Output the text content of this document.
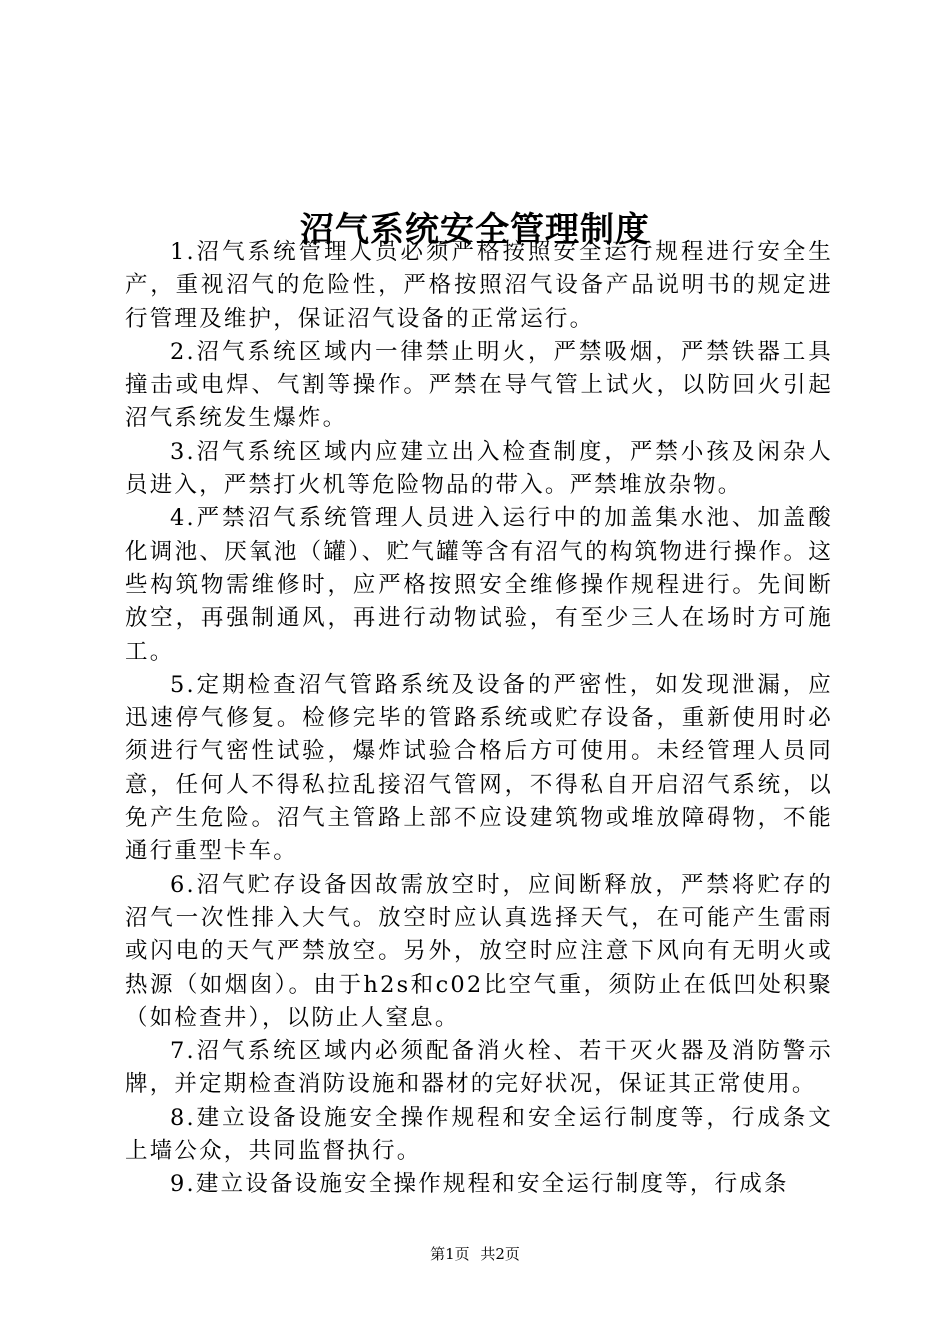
沼气系统安全管理制度

1.沼气系统管理人员必须严格按照安全运行规程进行安全生产，重视沼气的危险性，严格按照沼气设备产品说明书的规定进行管理及维护，保证沼气设备的正常运行。

2.沼气系统区域内一律禁止明火，严禁吸烟，严禁铁器工具撞击或电焊、气割等操作。严禁在导气管上试火，以防回火引起沼气系统发生爆炸。

3.沼气系统区域内应建立出入检查制度，严禁小孩及闲杂人员进入，严禁打火机等危险物品的带入。严禁堆放杂物。

4.严禁沼气系统管理人员进入运行中的加盖集水池、加盖酸化调池、厌氧池（罐）、贮气罐等含有沼气的构筑物进行操作。这些构筑物需维修时，应严格按照安全维修操作规程进行。先间断放空，再强制通风，再进行动物试验，有至少三人在场时方可施工。

5.定期检查沼气管路系统及设备的严密性，如发现泄漏，应迅速停气修复。检修完毕的管路系统或贮存设备，重新使用时必须进行气密性试验，爆炸试验合格后方可使用。未经管理人员同意，任何人不得私拉乱接沼气管网，不得私自开启沼气系统，以免产生危险。沼气主管路上部不应设建筑物或堆放障碍物，不能通行重型卡车。

6.沼气贮存设备因故需放空时，应间断释放，严禁将贮存的沼气一次性排入大气。放空时应认真选择天气，在可能产生雷雨或闪电的天气严禁放空。另外，放空时应注意下风向有无明火或热源（如烟囱）。由于h2s和c02比空气重，须防止在低凹处积聚（如检查井），以防止人窒息。

7.沼气系统区域内必须配备消火栓、若干灭火器及消防警示牌，并定期检查消防设施和器材的完好状况，保证其正常使用。

8.建立设备设施安全操作规程和安全运行制度等，行成条文上墙公众，共同监督执行。

9.建立设备设施安全操作规程和安全运行制度等，行成条

第1页 共2页
